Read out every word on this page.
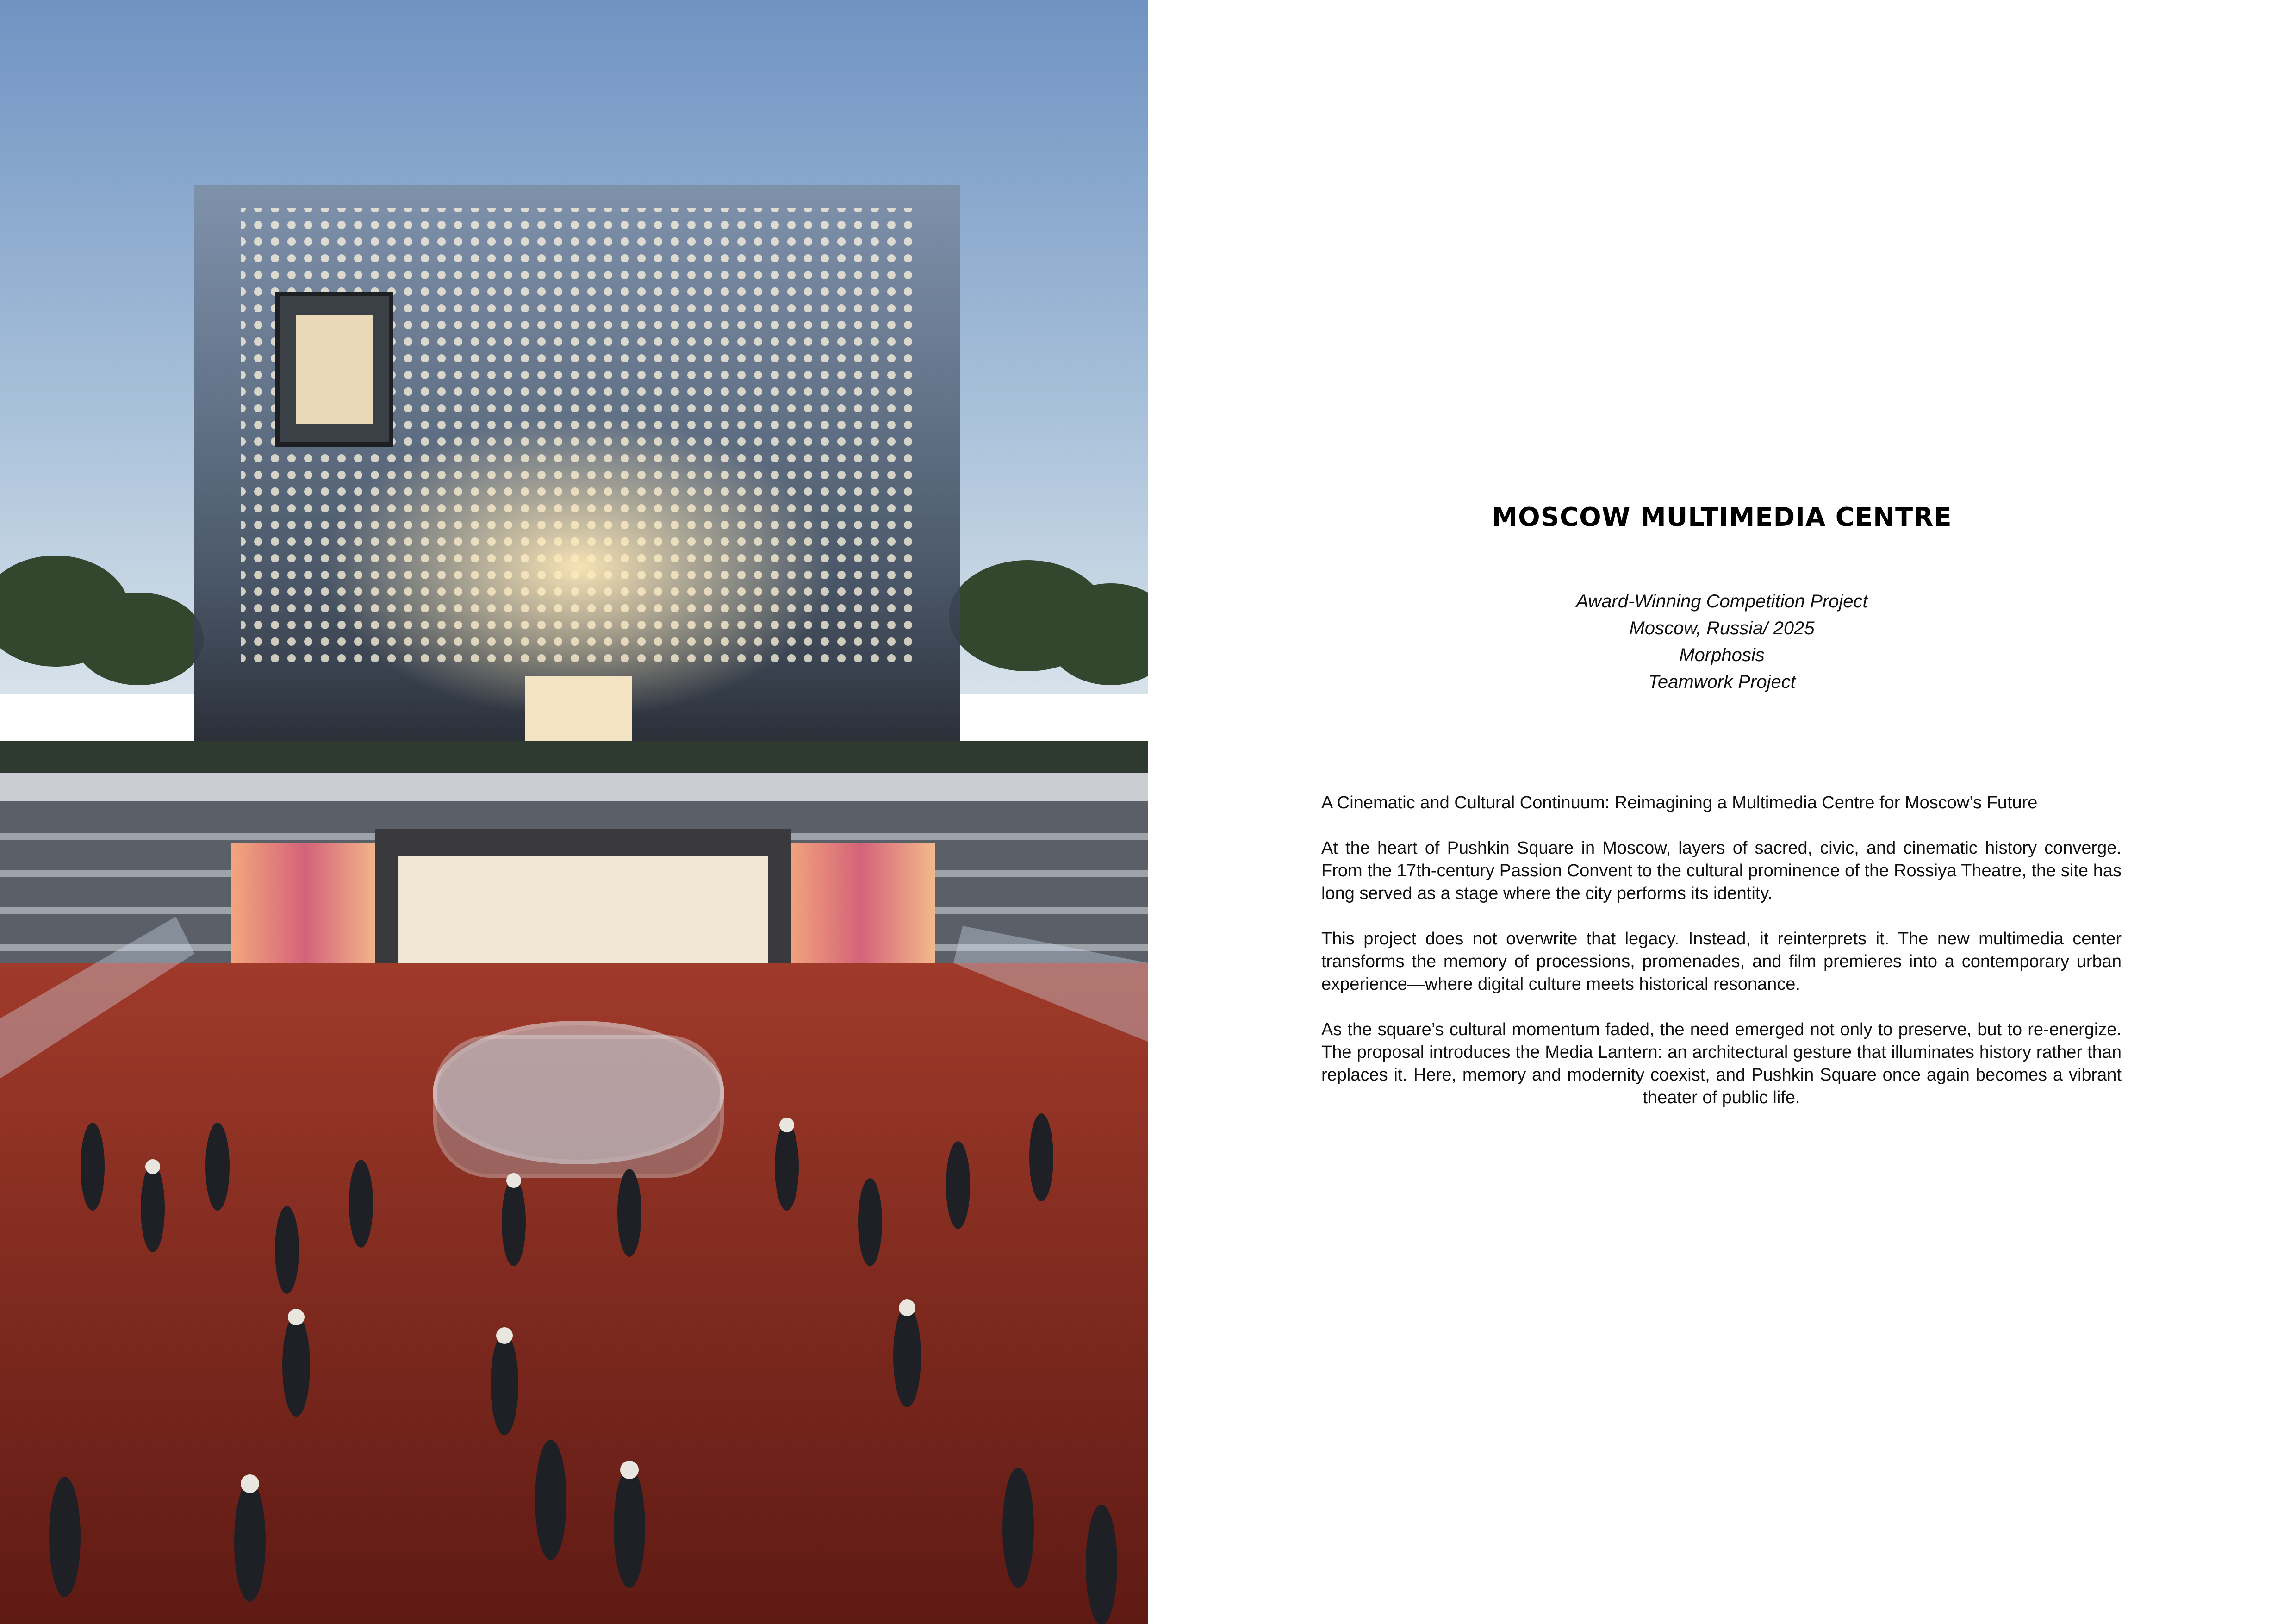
MOSCOW MULTIMEDIA CENTRE
Award-Winning Competition Project
Moscow, Russia/ 2025
Morphosis
Teamwork Project

A Cinematic and Cultural Continuum: Reimagining a Multimedia Centre for Moscow’s Future

At the heart of Pushkin Square in Moscow, layers of sacred, civic, and cinematic history converge. From the 17th-century Passion Convent to the cultural prominence of the Rossiya Theatre, the site has long served as a stage where the city performs its identity.

This project does not overwrite that legacy. Instead, it reinterprets it. The new multimedia center transforms the memory of processions, promenades, and film premieres into a contemporary urban experience—where digital culture meets historical resonance.

As the square’s cultural momentum faded, the need emerged not only to preserve, but to re-energize. The proposal introduces the Media Lantern: an architectural gesture that illuminates history rather than replaces it. Here, memory and modernity coexist, and Pushkin Square once again becomes a vibrant theater of public life.
